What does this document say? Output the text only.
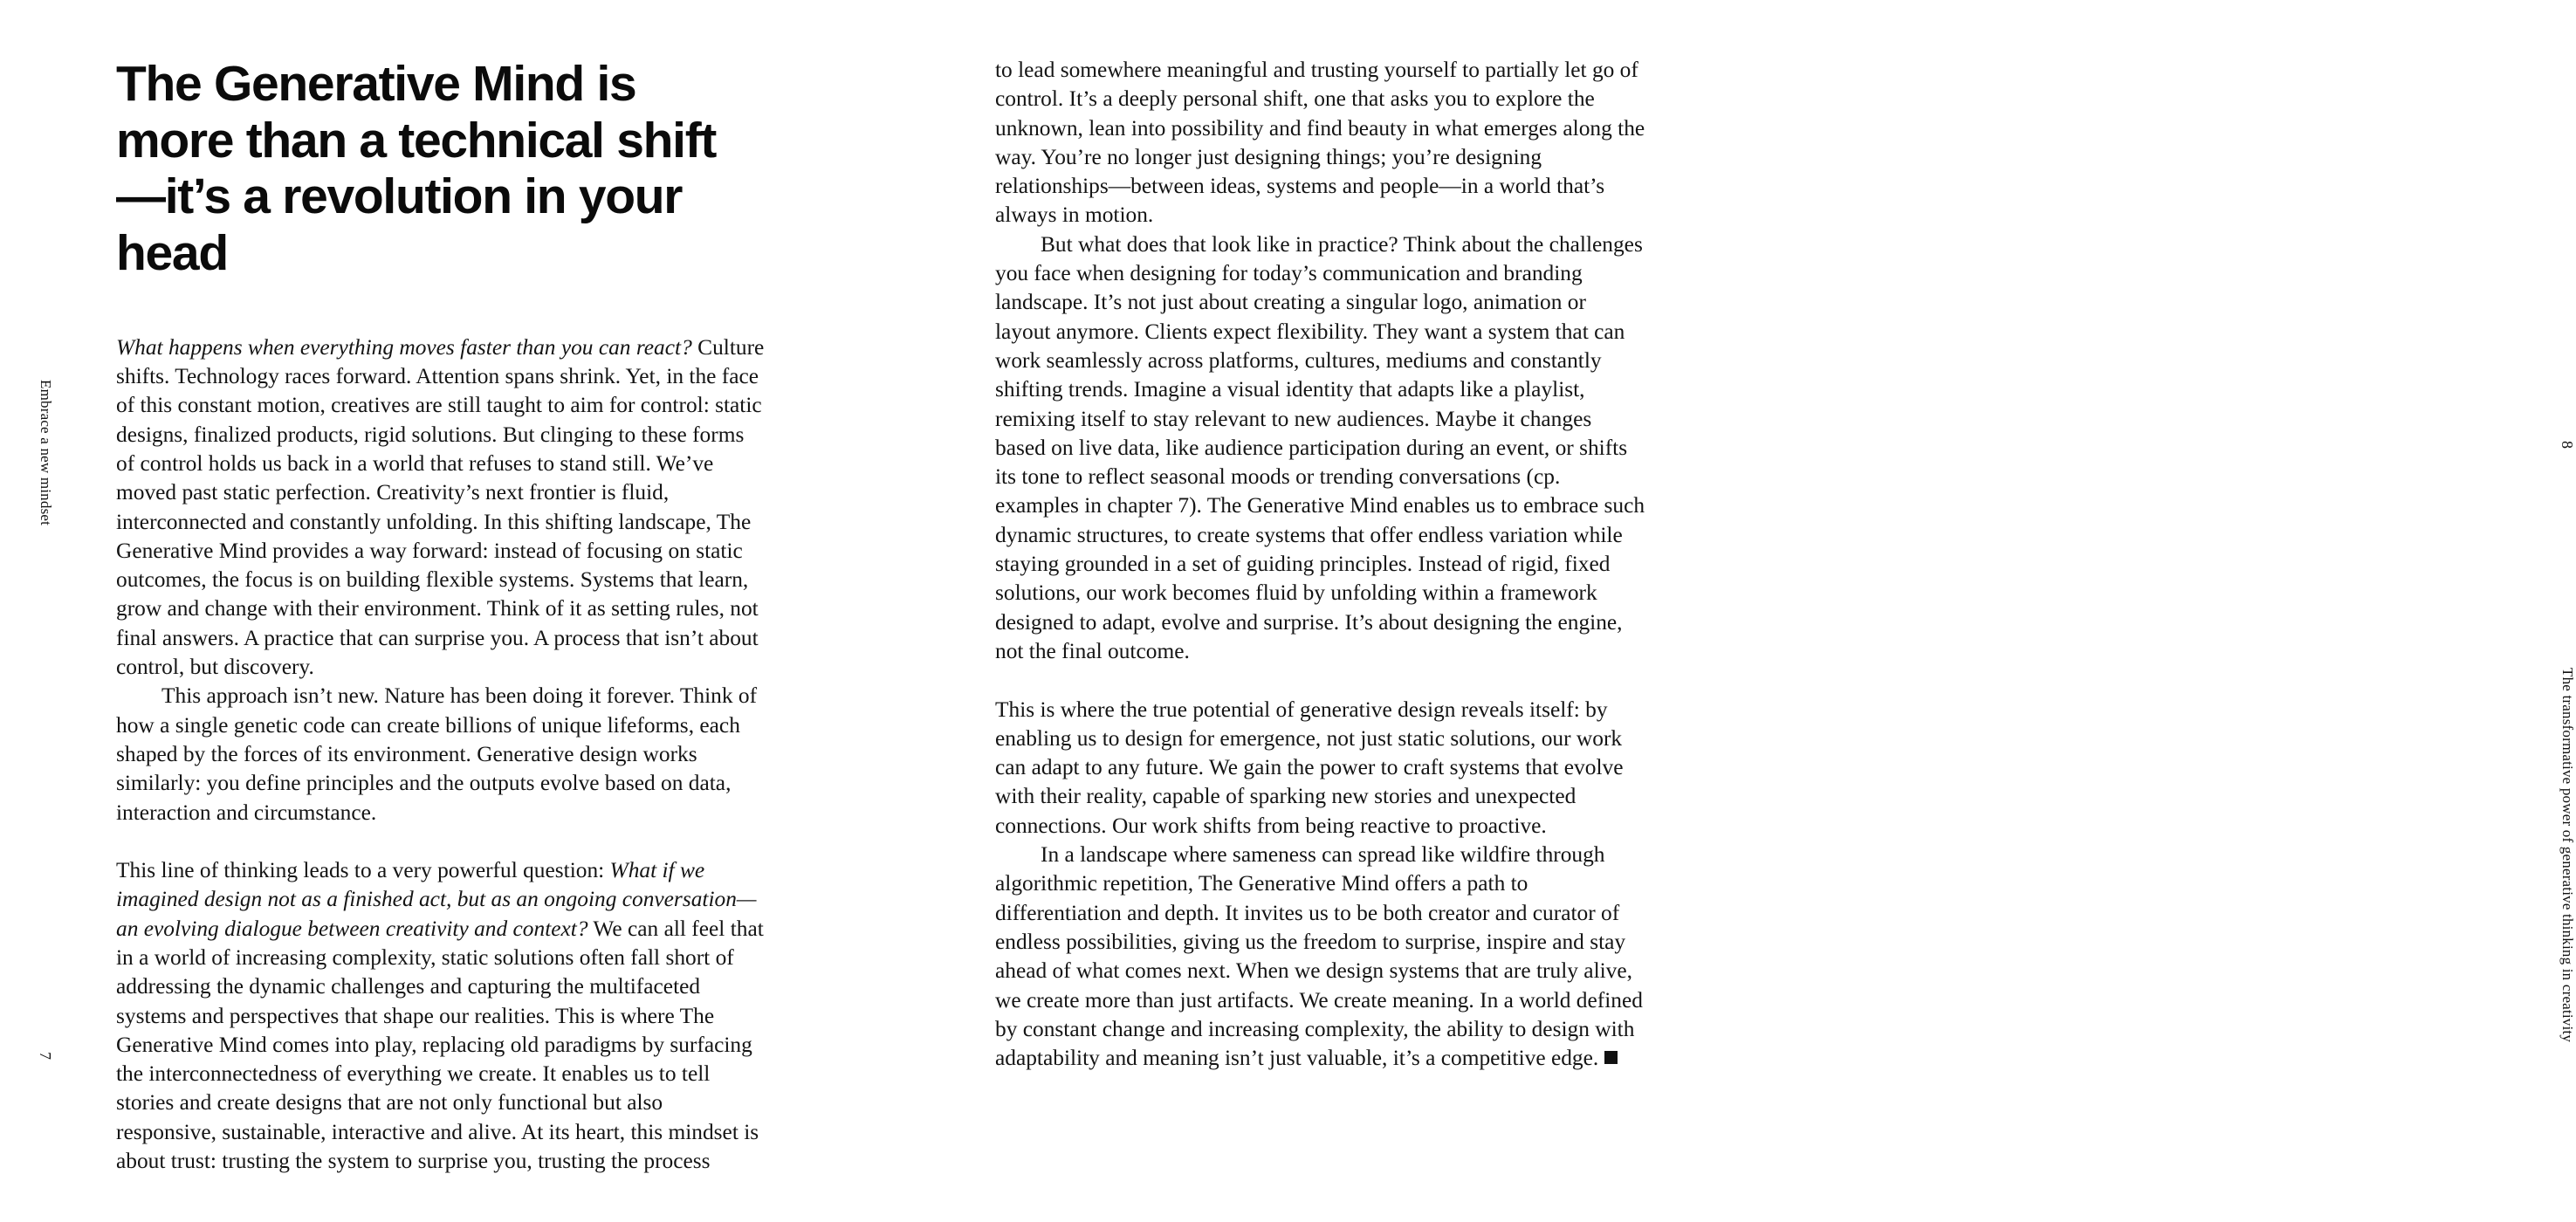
Embrace a new mindset
7
The Generative Mind is more than a technical shift—it’s a revolution in your head

What happens when everything moves faster than you can react? Culture shifts. Technology races forward. Attention spans shrink. Yet, in the face of this constant motion, creatives are still taught to aim for control: static designs, finalized products, rigid solutions. But clinging to these forms of control holds us back in a world that refuses to stand still. We’ve moved past static perfection. Creativity’s next frontier is fluid, interconnected and constantly unfolding. In this shifting landscape, The Generative Mind provides a way forward: instead of focusing on static outcomes, the focus is on building flexible systems. Systems that learn, grow and change with their environment. Think of it as setting rules, not final answers. A practice that can surprise you. A process that isn’t about control, but discovery.

This approach isn’t new. Nature has been doing it forever. Think of how a single genetic code can create billions of unique lifeforms, each shaped by the forces of its environment. Generative design works similarly: you define principles and the outputs evolve based on data, interaction and circumstance.

This line of thinking leads to a very powerful question: What if we imagined design not as a finished act, but as an ongoing conversation—an evolving dialogue between creativity and context? We can all feel that in a world of increasing complexity, static solutions often fall short of addressing the dynamic challenges and capturing the multifaceted systems and perspectives that shape our realities. This is where The Generative Mind comes into play, replacing old paradigms by surfacing the interconnectedness of everything we create. It enables us to tell stories and create designs that are not only functional but also responsive, sustainable, interactive and alive. At its heart, this mindset is about trust: trusting the system to surprise you, trusting the process

The transformative power of generative thinking in creativity
8

to lead somewhere meaningful and trusting yourself to partially let go of control. It’s a deeply personal shift, one that asks you to explore the unknown, lean into possibility and find beauty in what emerges along the way. You’re no longer just designing things; you’re designing relationships—between ideas, systems and people—in a world that’s always in motion.

But what does that look like in practice? Think about the challenges you face when designing for today’s communication and branding landscape. It’s not just about creating a singular logo, animation or layout anymore. Clients expect flexibility. They want a system that can work seamlessly across platforms, cultures, mediums and constantly shifting trends. Imagine a visual identity that adapts like a playlist, remixing itself to stay relevant to new audiences. Maybe it changes based on live data, like audience participation during an event, or shifts its tone to reflect seasonal moods or trending conversations (cp. examples in chapter 7). The Generative Mind enables us to embrace such dynamic structures, to create systems that offer endless variation while staying grounded in a set of guiding principles. Instead of rigid, fixed solutions, our work becomes fluid by unfolding within a framework designed to adapt, evolve and surprise. It’s about designing the engine, not the final outcome.

This is where the true potential of generative design reveals itself: by enabling us to design for emergence, not just static solutions, our work can adapt to any future. We gain the power to craft systems that evolve with their reality, capable of sparking new stories and unexpected connections. Our work shifts from being reactive to proactive.

In a landscape where sameness can spread like wildfire through algorithmic repetition, The Generative Mind offers a path to differentiation and depth. It invites us to be both creator and curator of endless possibilities, giving us the freedom to surprise, inspire and stay ahead of what comes next. When we design systems that are truly alive, we create more than just artifacts. We create meaning. In a world defined by constant change and increasing complexity, the ability to design with adaptability and meaning isn’t just valuable, it’s a competitive edge.
